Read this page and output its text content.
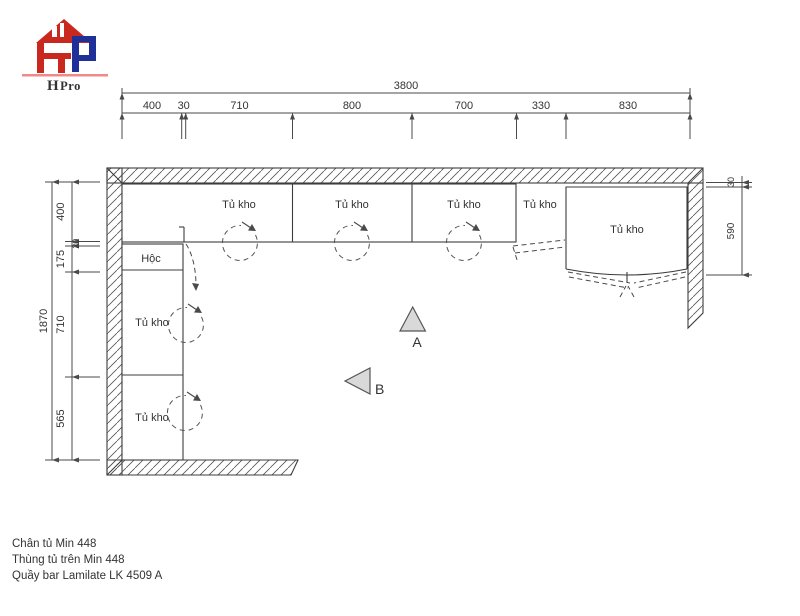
HPro
Tủ kho	Tủ kho	Tủ kho	Tủ kho
Tủ kho
Hộc
Tủ kho
Tủ kho
3800
400 30	710	800	700	330	830
1870
400
20
175
710
565
30
590
A
B
Chân tủ Min 448
Thùng tủ trên Min 448
Quầy bar Lamilate LK 4509 A
